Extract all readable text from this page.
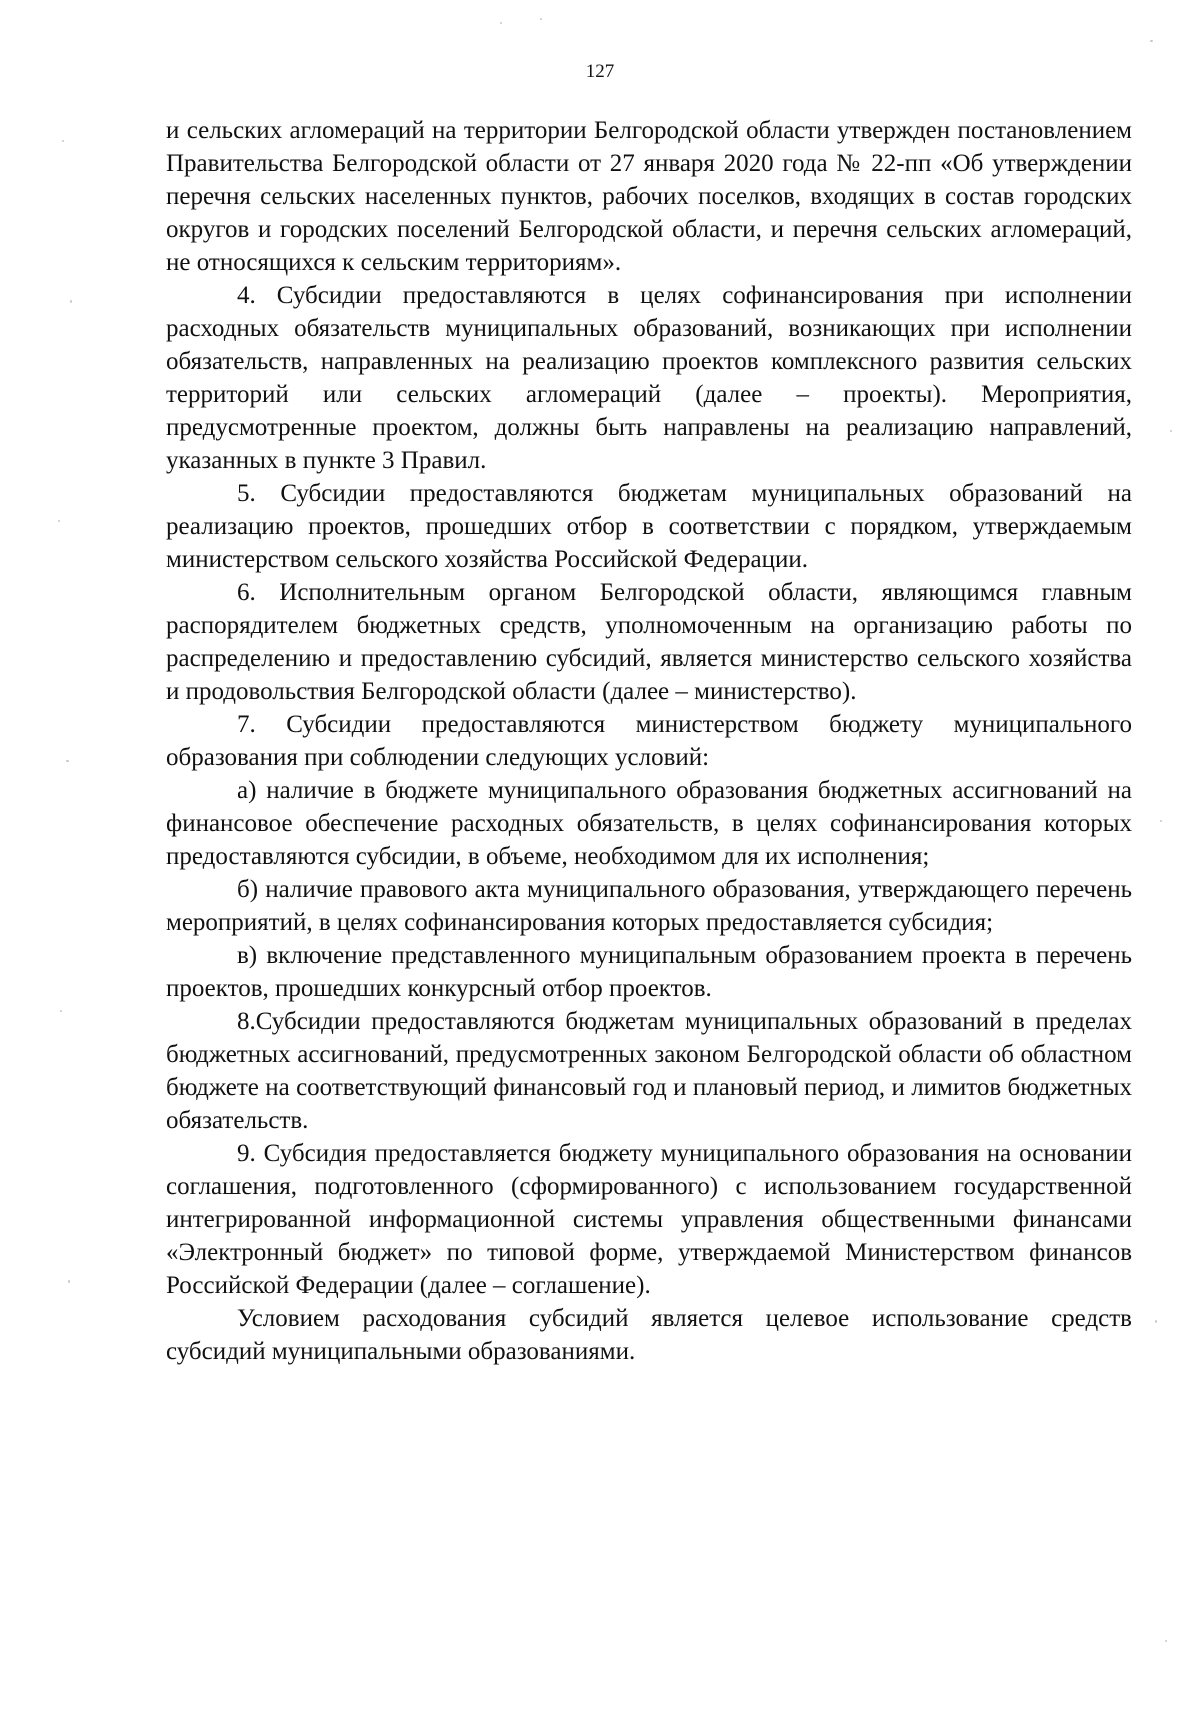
127

и сельских агломераций на территории Белгородской области утвержден постановлением Правительства Белгородской области от 27 января 2020 года № 22-пп «Об утверждении перечня сельских населенных пунктов, рабочих поселков, входящих в состав городских округов и городских поселений Белгородской области, и перечня сельских агломераций, не относящихся к сельским территориям».

4. Субсидии предоставляются в целях софинансирования при исполнении расходных обязательств муниципальных образований, возникающих при исполнении обязательств, направленных на реализацию проектов комплексного развития сельских территорий или сельских агломераций (далее – проекты). Мероприятия, предусмотренные проектом, должны быть направлены на реализацию направлений, указанных в пункте 3 Правил.

5. Субсидии предоставляются бюджетам муниципальных образований на реализацию проектов, прошедших отбор в соответствии с порядком, утверждаемым министерством сельского хозяйства Российской Федерации.

6. Исполнительным органом Белгородской области, являющимся главным распорядителем бюджетных средств, уполномоченным на организацию работы по распределению и предоставлению субсидий, является министерство сельского хозяйства и продовольствия Белгородской области (далее – министерство).

7. Субсидии предоставляются министерством бюджету муниципального образования при соблюдении следующих условий:

а) наличие в бюджете муниципального образования бюджетных ассигнований на финансовое обеспечение расходных обязательств, в целях софинансирования которых предоставляются субсидии, в объеме, необходимом для их исполнения;

б) наличие правового акта муниципального образования, утверждающего перечень мероприятий, в целях софинансирования которых предоставляется субсидия;

в) включение представленного муниципальным образованием проекта в перечень проектов, прошедших конкурсный отбор проектов.

8.Субсидии предоставляются бюджетам муниципальных образований в пределах бюджетных ассигнований, предусмотренных законом Белгородской области об областном бюджете на соответствующий финансовый год и плановый период, и лимитов бюджетных обязательств.

9. Субсидия предоставляется бюджету муниципального образования на основании соглашения, подготовленного (сформированного) с использованием государственной интегрированной информационной системы управления общественными финансами «Электронный бюджет» по типовой форме, утверждаемой Министерством финансов Российской Федерации (далее – соглашение).

Условием расходования субсидий является целевое использование средств субсидий муниципальными образованиями.
